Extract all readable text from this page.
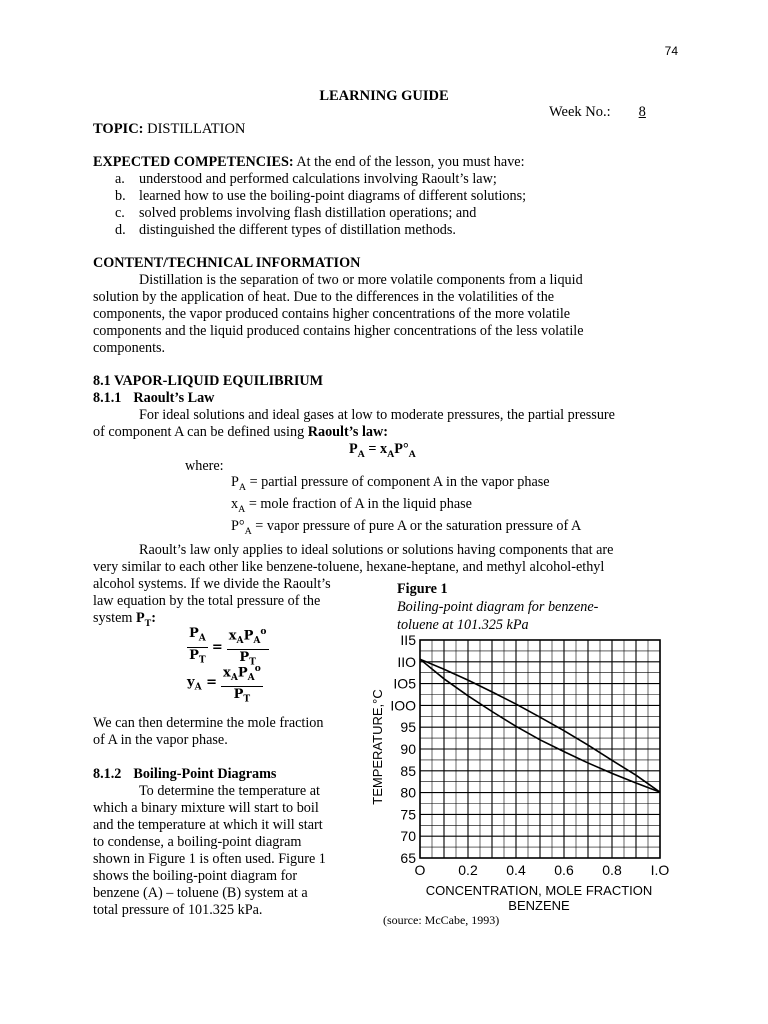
74
LEARNING GUIDE
Week No.: 8
TOPIC: DISTILLATION
EXPECTED COMPETENCIES: At the end of the lesson, you must have:
a. understood and performed calculations involving Raoult’s law;
b. learned how to use the boiling-point diagrams of different solutions;
c. solved problems involving flash distillation operations; and
d. distinguished the different types of distillation methods.
CONTENT/TECHNICAL INFORMATION

Distillation is the separation of two or more volatile components from a liquid

solution by the application of heat. Due to the differences in the volatilities of the

components, the vapor produced contains higher concentrations of the more volatile

components and the liquid produced contains higher concentrations of the less volatile

components.

8.1 VAPOR-LIQUID EQUILIBRIUM
8.1.1 Raoult’s Law

For ideal solutions and ideal gases at low to moderate pressures, the partial pressure

of component A can be defined using Raoult’s law:

$P_A = x_AP^\circ_A$
where:
$P_A$ = partial pressure of component A in the vapor phase
$x_A$ = mole fraction of A in the liquid phase
$P^\circ_A$ = vapor pressure of pure A or the saturation pressure of A

Raoult’s law only applies to ideal solutions or solutions having components that are

very similar to each other like benzene-toluene, hexane-heptane, and methyl alcohol-ethyl

alcohol systems. If we divide the Raoult’s

law equation by the total pressure of the

system $P_T$:

$\frac{P_A}{P_T} = \frac{x_AP_A^o}{P_T}$
$y_A = \frac{x_AP_A^o}{P_T}$

We can then determine the mole fraction

of A in the vapor phase.

8.1.2 Boiling-Point Diagrams

To determine the temperature at

which a binary mixture will start to boil

and the temperature at which it will start

to condense, a boiling-point diagram

shown in Figure 1 is often used. Figure 1

shows the boiling-point diagram for

benzene (A) – toluene (B) system at a

total pressure of 101.325 kPa.

Figure 1
Boiling-point diagram for benzene-
toluene at 101.325 kPa
65
70
75
80
85
90
95
IOO
IO5
IIO
II5
O 0.2 0.4 0.6 0.8 I.O
TEMPERATURE,°C
CONCENTRATION, MOLE FRACTION
BENZENE
(source: McCabe, 1993)
